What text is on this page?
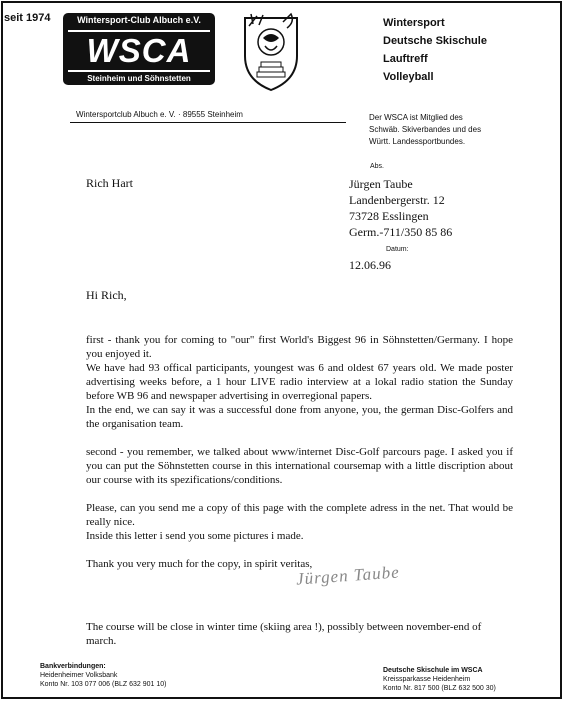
seit 1974	Wintersport-Club Albuch e.V.
WSCA
Steinheim und Söhnstetten
Wintersport
Deutsche Skischule
Lauftreff
Volleyball
Wintersportclub Albuch e. V. · 89555 Steinheim	Der WSCA ist Mitglied des
Schwäb. Skiverbandes und des
Württ. Landessportbundes.
Abs.
Rich Hart	Jürgen Taube
Landenbergerstr. 12
73728 Esslingen
Germ.-711/350 85 86
Datum:
12.06.96
Hi Rich,

first - thank you for coming to "our" first World's Biggest 96 in Söhnstetten/Germany. I hope you enjoyed it.

We have had 93 offical participants, youngest was 6 and oldest 67 years old. We made poster advertising weeks before, a 1 hour LIVE radio interview at a lokal radio station the Sunday before WB 96 and newspaper advertising in overregional papers.

In the end, we can say it was a successful done from anyone, you, the german Disc-Golfers and the organisation team.

second - you remember, we talked about www/internet Disc-Golf parcours page. I asked you if you can put the Söhnstetten course in this international coursemap with a little discription about our course with its spezifications/conditions.

Please, can you send me a copy of this page with the complete adress in the net. That would be really nice.

Inside this letter i send you some pictures i made.

Thank you very much for the copy, in spirit veritas,

Jürgen Taube
The course will be close in winter time (skiing area !), possibly between november-end of march.
Bankverbindungen:
Heidenheimer Volksbank
Konto Nr. 103 077 006 (BLZ 632 901 10)
Deutsche Skischule im WSCA
Kreissparkasse Heidenheim
Konto Nr. 817 500 (BLZ 632 500 30)
